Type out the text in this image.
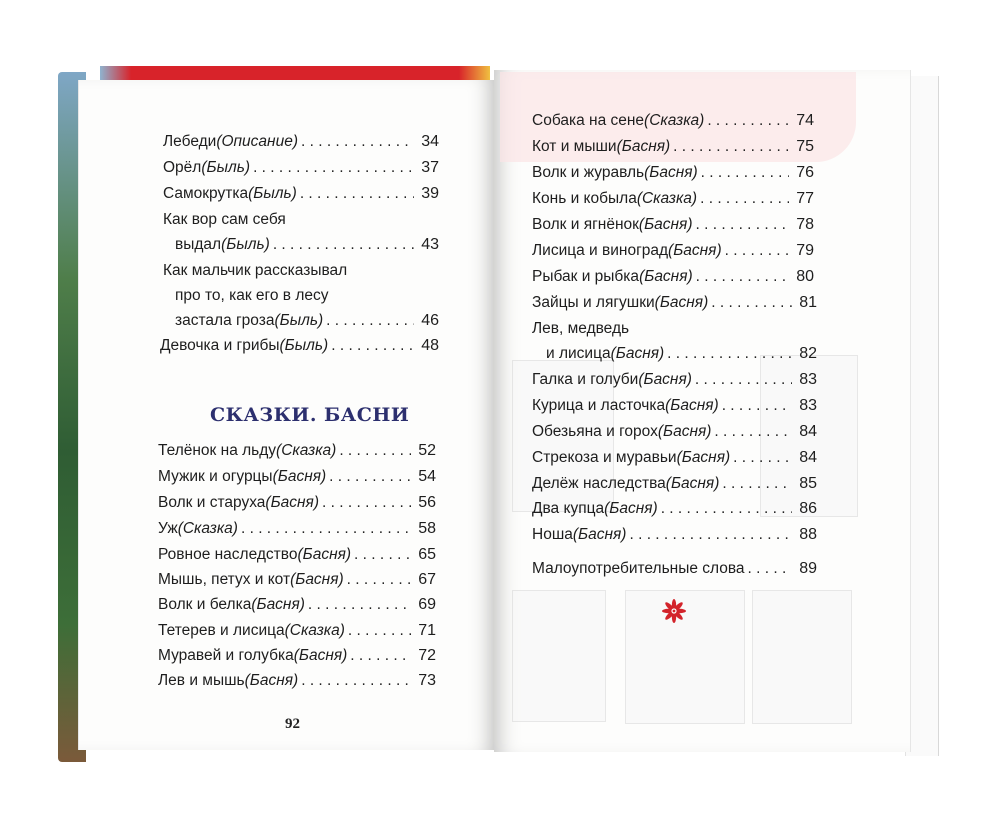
Лебеди (Описание) . . .	34
Орёл (Быль) . . .	37
Самокрутка (Быль) . . .	39
Как вор сам себя
выдал (Быль) . . .	43
Как мальчик рассказывал
про то, как его в лесу
застала гроза (Быль) . . .	46
Девочка и грибы (Быль) . . .	48
СКАЗКИ. БАСНИ
Телёнок на льду (Сказка) . . .	52
Мужик и огурцы (Басня) . . .	54
Волк и старуха (Басня) . . .	56
Уж (Сказка) . . .	58
Ровное наследство (Басня) . . .	65
Мышь, петух и кот (Басня) . . .	67
Волк и белка (Басня) . . .	69
Тетерев и лисица (Сказка) . . .	71
Муравей и голубка (Басня) . . .	72
Лев и мышь (Басня) . . .	73
92
Собака на сене (Сказка) . . .	74
Кот и мыши (Басня) . . .	75
Волк и журавль (Басня) . . .	76
Конь и кобыла (Сказка) . . .	77
Волк и ягнёнок (Басня) . . .	78
Лисица и виноград (Басня) . . .	79
Рыбак и рыбка (Басня) . . .	80
Зайцы и лягушки (Басня) . . .	81
Лев, медведь
и лисица (Басня) . . .	82
Галка и голуби (Басня) . . .	83
Курица и ласточка (Басня) . . .	83
Обезьяна и горох (Басня) . . .	84
Стрекоза и муравьи (Басня) . . .	84
Делёж наследства (Басня) . . .	85
Два купца (Басня) . . .	86
Ноша (Басня) . . .	88
Малоупотребительные слова . . .	89
